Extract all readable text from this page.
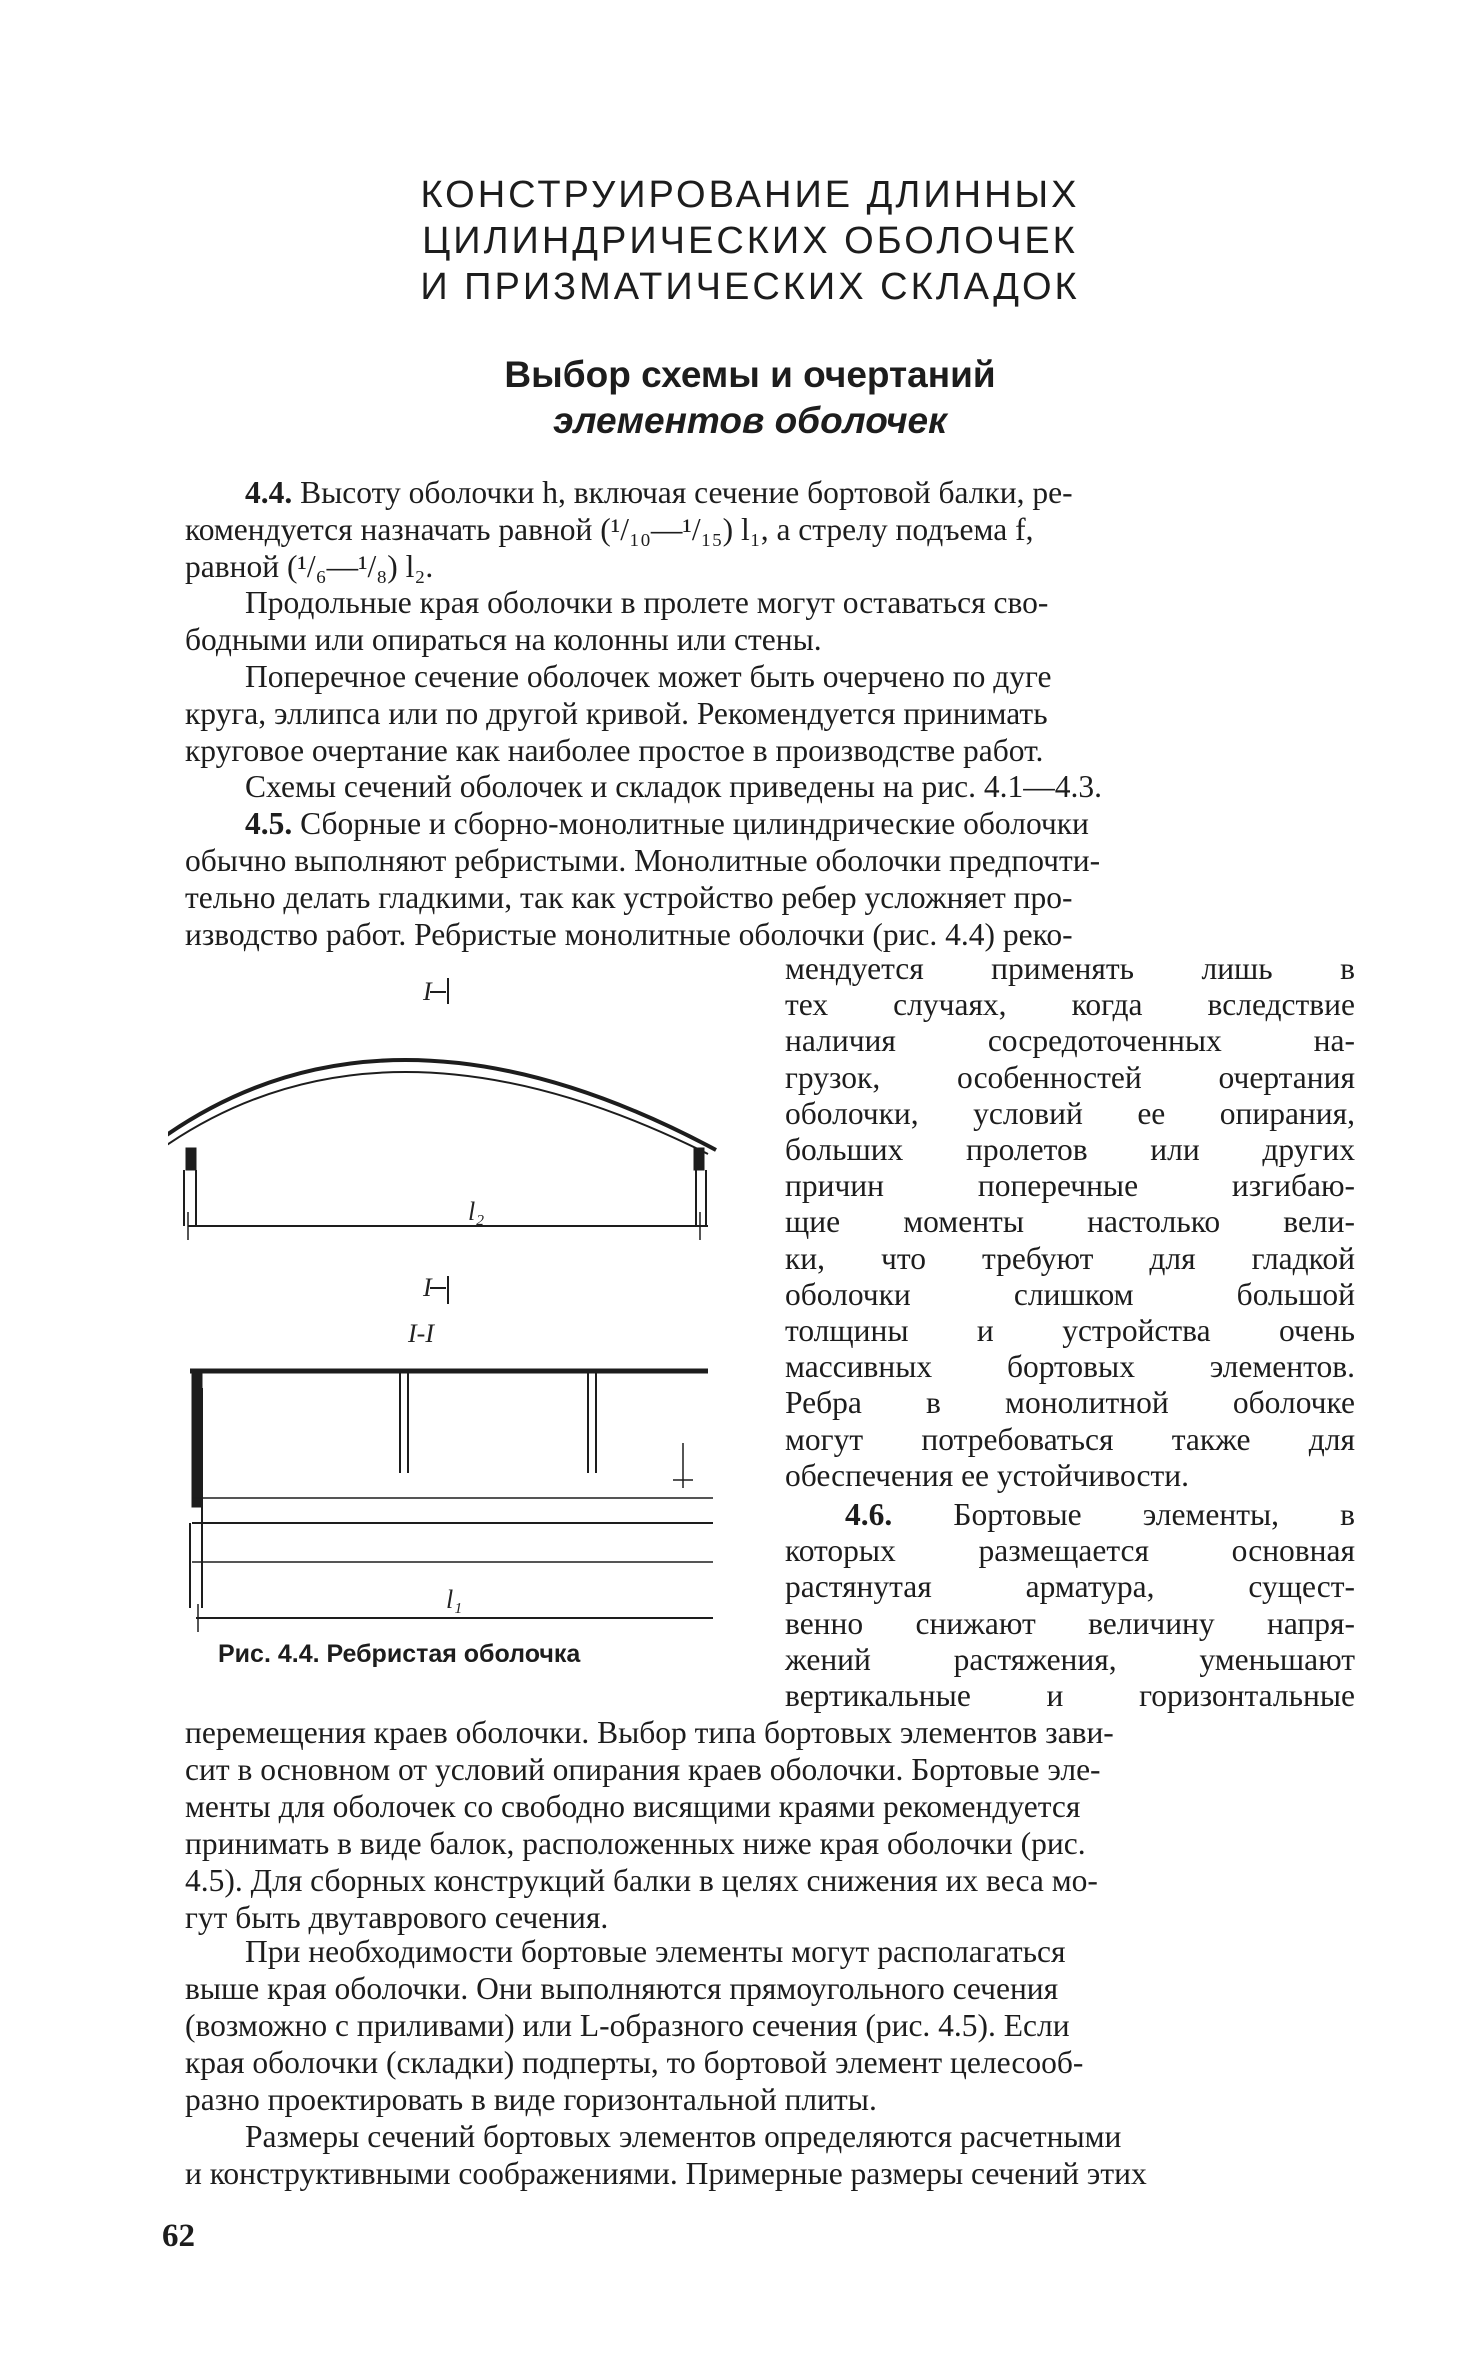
КОНСТРУИРОВАНИЕ ДЛИННЫХ
ЦИЛИНДРИЧЕСКИХ ОБОЛОЧЕК
И ПРИЗМАТИЧЕСКИХ СКЛАДОК
Выбор схемы и очертаний
элементов оболочек
4.4. Высоту оболочки h, включая сечение бортовой балки, ре-
комендуется назначать равной (¹/₁₀—¹/₁₅) l₁, а стрелу подъема f,
равной (¹/₆—¹/₈) l₂.
Продольные края оболочки в пролете могут оставаться сво-
бодными или опираться на колонны или стены.
Поперечное сечение оболочек может быть очерчено по дуге
круга, эллипса или по другой кривой. Рекомендуется принимать
круговое очертание как наиболее простое в производстве работ.
Схемы сечений оболочек и складок приведены на рис. 4.1—4.3.
4.5. Сборные и сборно-монолитные цилиндрические оболочки
обычно выполняют ребристыми. Монолитные оболочки предпочти-
тельно делать гладкими, так как устройство ребер усложняет про-
изводство работ. Ребристые монолитные оболочки (рис. 4.4) реко-
мендуется применять лишь в
тех случаях, когда вследствие
наличия сосредоточенных на-
грузок, особенностей очертания
оболочки, условий ее опирания,
больших пролетов или других
причин поперечные изгибаю-
щие моменты настолько вели-
ки, что требуют для гладкой
оболочки слишком большой
толщины и устройства очень
массивных бортовых элементов.
Ребра в монолитной оболочке
могут потребоваться также для
обеспечения ее устойчивости.
4.6. Бортовые элементы, в
которых размещается основная
растянутая арматура, сущест-
венно снижают величину напря-
жений растяжения, уменьшают
вертикальные и горизонтальные
перемещения краев оболочки. Выбор типа бортовых элементов зави-
сит в основном от условий опирания краев оболочки. Бортовые эле-
менты для оболочек со свободно висящими краями рекомендуется
принимать в виде балок, расположенных ниже края оболочки (рис.
4.5). Для сборных конструкций балки в целях снижения их веса мо-
гут быть двутаврового сечения.
При необходимости бортовые элементы могут располагаться
выше края оболочки. Они выполняются прямоугольного сечения
(возможно с приливами) или L-образного сечения (рис. 4.5). Если
края оболочки (складки) подперты, то бортовой элемент целесооб-
разно проектировать в виде горизонтальной плиты.
Размеры сечений бортовых элементов определяются расчетными
и конструктивными соображениями. Примерные размеры сечений этих
I
I
I-I
l₂
l₁
Рис. 4.4. Ребристая оболочка
62
